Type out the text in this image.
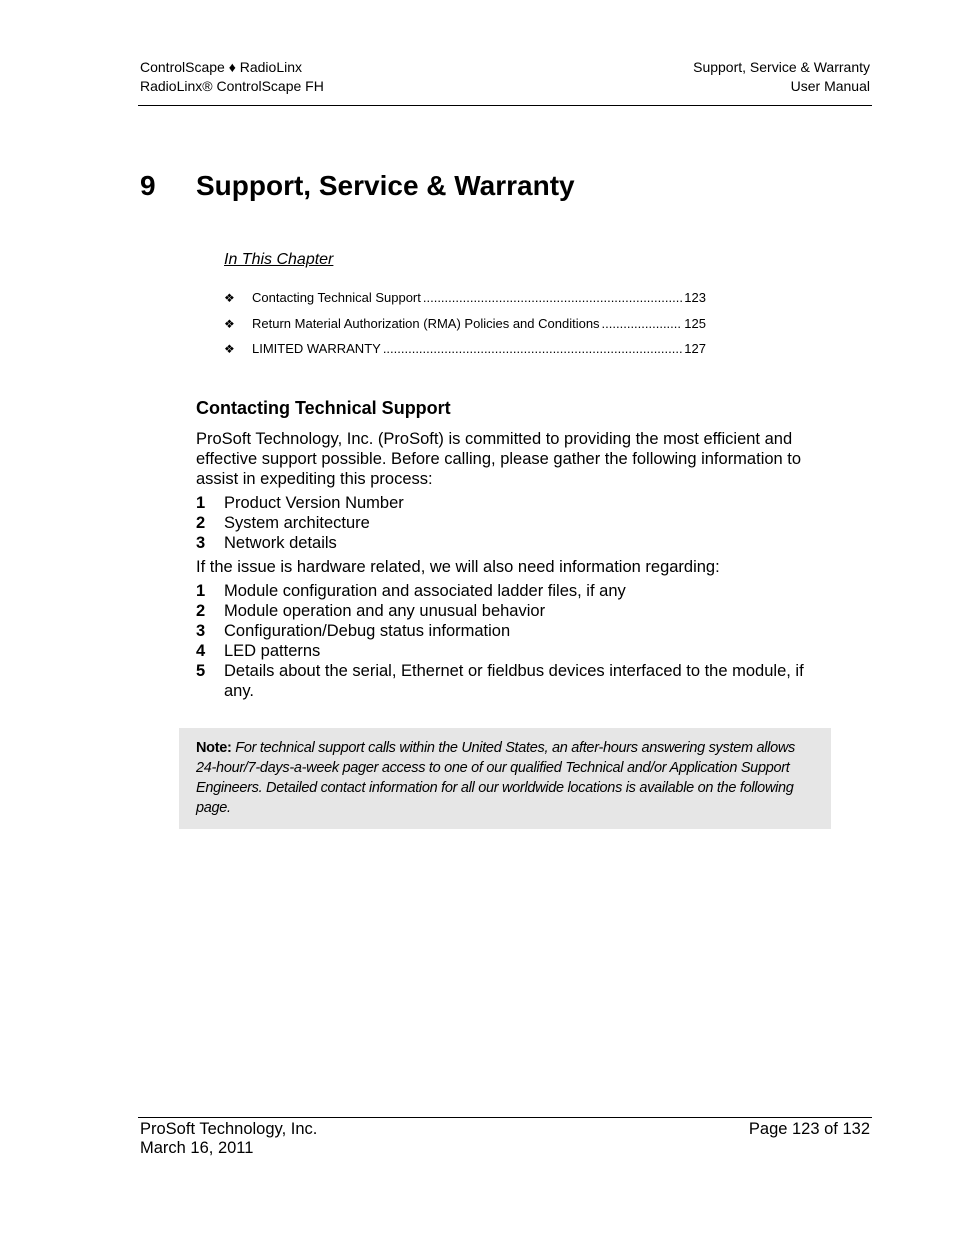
ControlScape ♦ RadioLinx
RadioLinx® ControlScape FH
Support, Service & Warranty
User Manual
9 Support, Service & Warranty
In This Chapter
❖	Contacting Technical Support .....	123
❖	Return Material Authorization (RMA) Policies and Conditions .....	125
❖	LIMITED WARRANTY .....	127
Contacting Technical Support

ProSoft Technology, Inc. (ProSoft) is committed to providing the most efficient and effective support possible. Before calling, please gather the following information to assist in expediting this process:

1	Product Version Number
2	System architecture
3	Network details

If the issue is hardware related, we will also need information regarding:

1	Module configuration and associated ladder files, if any
2	Module operation and any unusual behavior
3	Configuration/Debug status information
4	LED patterns
5	Details about the serial, Ethernet or fieldbus devices interfaced to the module, if any.
Note: For technical support calls within the United States, an after-hours answering system allows 24-hour/7-days-a-week pager access to one of our qualified Technical and/or Application Support Engineers. Detailed contact information for all our worldwide locations is available on the following page.
ProSoft Technology, Inc.
March 16, 2011
Page 123 of 132
